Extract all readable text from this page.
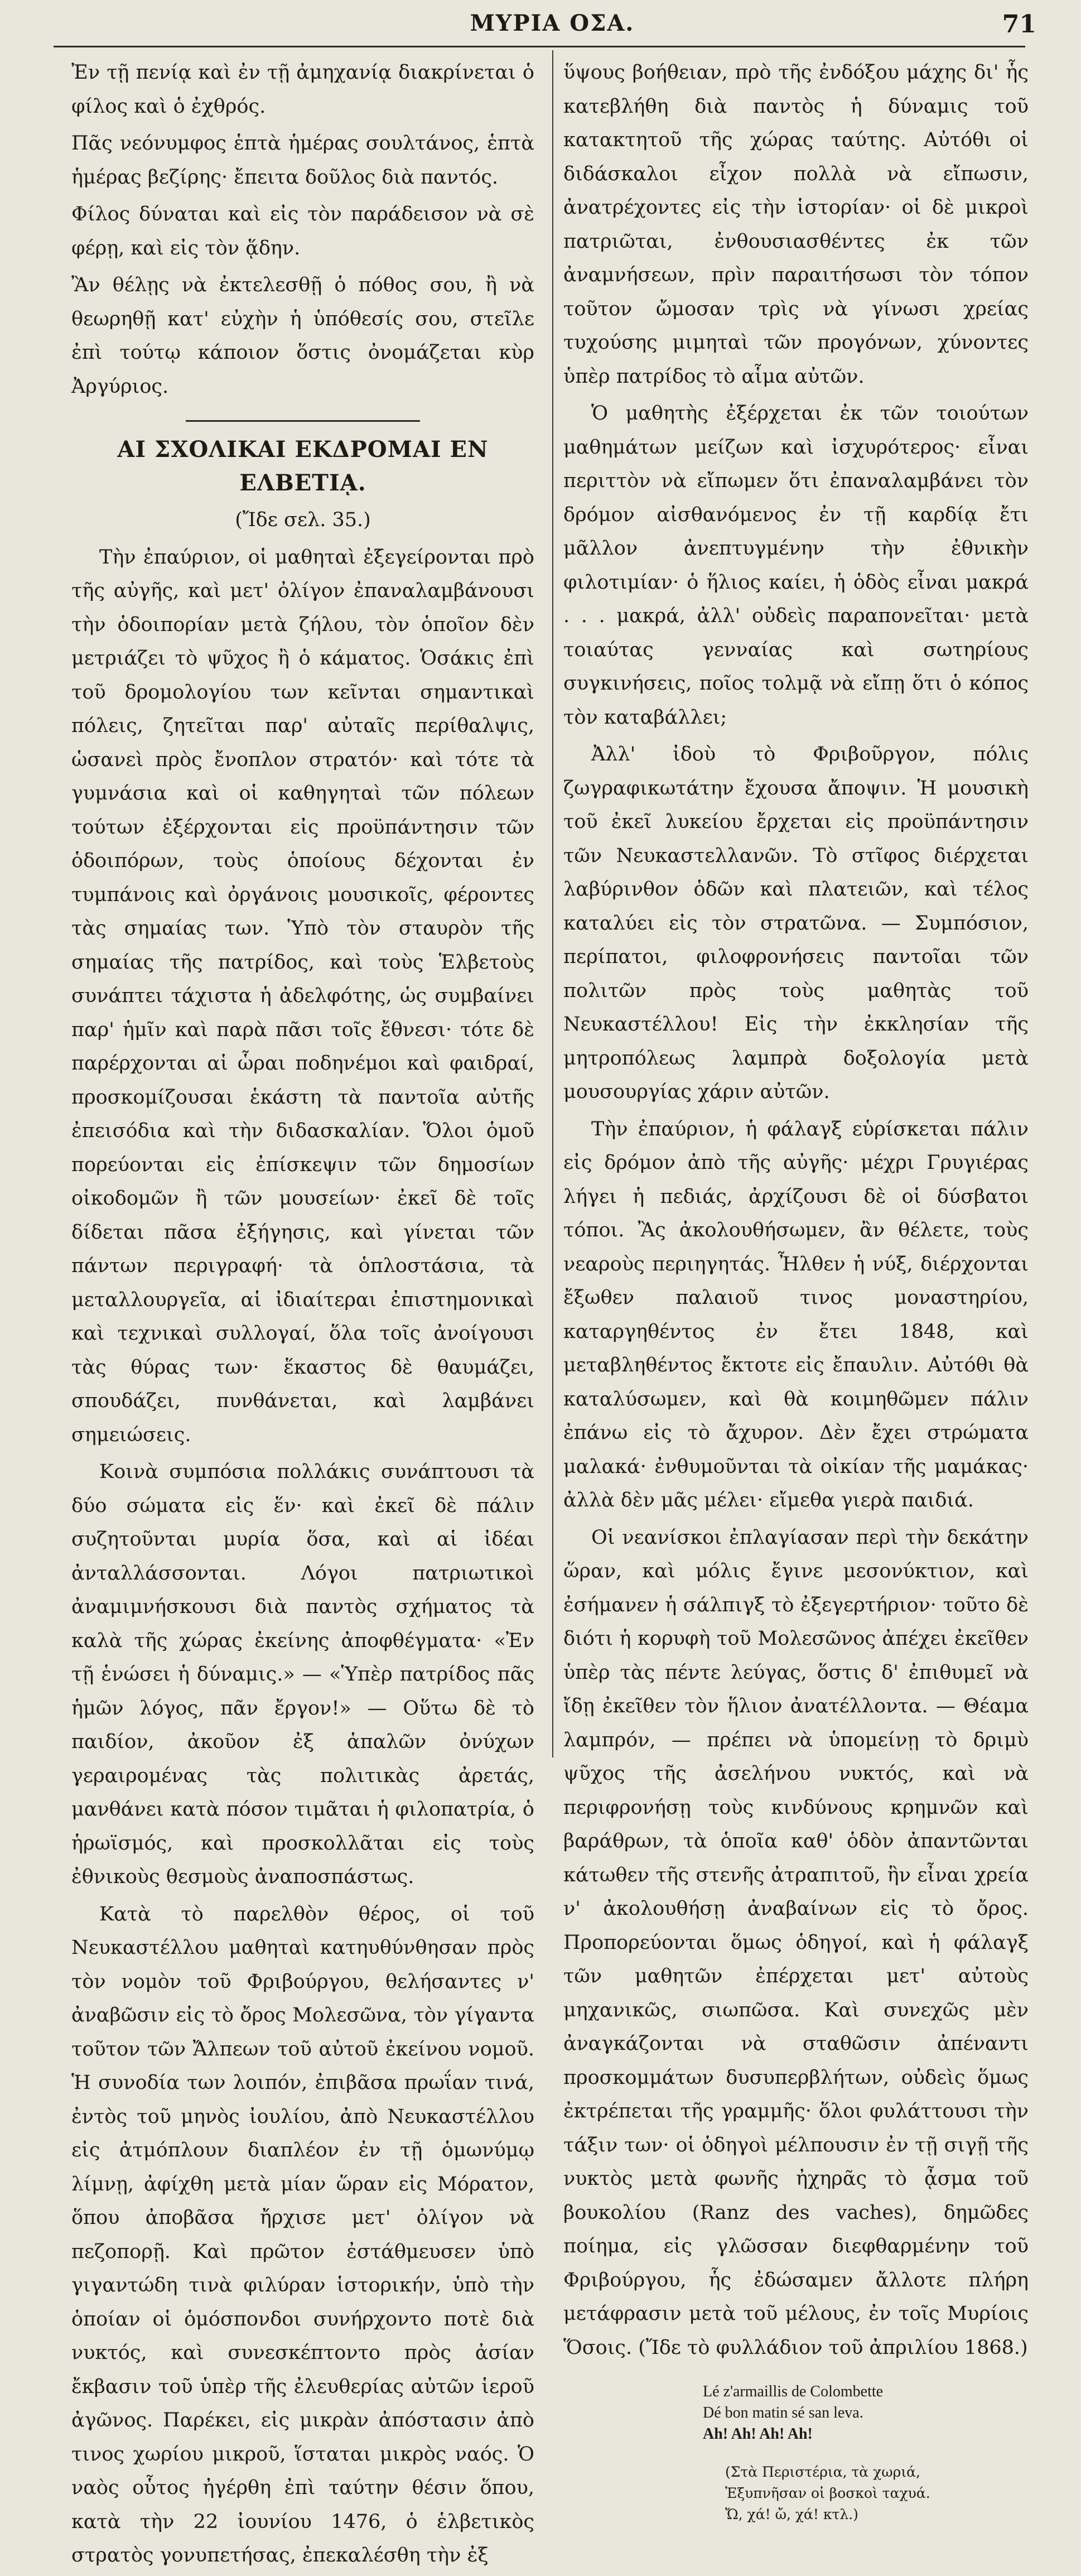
ΜΥΡΙΑ ΟΣΑ.	71

Ἐν τῇ πενίᾳ καὶ ἐν τῇ ἀμηχανίᾳ διακρίνεται ὁ φίλος καὶ ὁ ἐχθρός.

Πᾶς νεόνυμφος ἑπτὰ ἡμέρας σουλτάνος, ἑπτὰ ἡμέρας βεζίρης· ἔπειτα δοῦλος διὰ παντός.

Φίλος δύναται καὶ εἰς τὸν παράδεισον νὰ σὲ φέρῃ, καὶ εἰς τὸν ᾅδην.

Ἂν θέλῃς νὰ ἐκτελεσθῇ ὁ πόθος σου, ἢ νὰ θεωρηθῇ κατ' εὐχὴν ἡ ὑπόθεσίς σου, στεῖλε ἐπὶ τούτῳ κάποιον ὅστις ὀνομάζεται κὺρ Ἀργύριος.

ΑΙ ΣΧΟΛΙΚΑΙ ΕΚΔΡΟΜΑΙ ΕΝ ΕΛΒΕΤΙᾼ.
(Ἴδε σελ. 35.)

Τὴν ἐπαύριον, οἱ μαθηταὶ ἐξεγείρονται πρὸ τῆς αὐγῆς, καὶ μετ' ὀλίγον ἐπαναλαμβάνουσι τὴν ὁδοιπορίαν μετὰ ζήλου, τὸν ὁποῖον δὲν μετριάζει τὸ ψῦχος ἢ ὁ κάματος. Ὁσάκις ἐπὶ τοῦ δρομολογίου των κεῖνται σημαντικαὶ πόλεις, ζητεῖται παρ' αὐταῖς περίθαλψις, ὡσανεὶ πρὸς ἔνοπλον στρατόν· καὶ τότε τὰ γυμνάσια καὶ οἱ καθηγηταὶ τῶν πόλεων τούτων ἐξέρχονται εἰς προϋπάντησιν τῶν ὁδοιπόρων, τοὺς ὁποίους δέχονται ἐν τυμπάνοις καὶ ὀργάνοις μουσικοῖς, φέροντες τὰς σημαίας των. Ὑπὸ τὸν σταυρὸν τῆς σημαίας τῆς πατρίδος, καὶ τοὺς Ἑλβετοὺς συνάπτει τάχιστα ἡ ἀδελφότης, ὡς συμβαίνει παρ' ἡμῖν καὶ παρὰ πᾶσι τοῖς ἔθνεσι· τότε δὲ παρέρχονται αἱ ὧραι ποδηνέμοι καὶ φαιδραί, προσκομίζουσαι ἑκάστη τὰ παντοῖα αὐτῆς ἐπεισόδια καὶ τὴν διδασκαλίαν. Ὅλοι ὁμοῦ πορεύονται εἰς ἐπίσκεψιν τῶν δημοσίων οἰκοδομῶν ἢ τῶν μουσείων· ἐκεῖ δὲ τοῖς δίδεται πᾶσα ἐξήγησις, καὶ γίνεται τῶν πάντων περιγραφή· τὰ ὁπλοστάσια, τὰ μεταλλουργεῖα, αἱ ἰδιαίτεραι ἐπιστημονικαὶ καὶ τεχνικαὶ συλλογαί, ὅλα τοῖς ἀνοίγουσι τὰς θύρας των· ἕκαστος δὲ θαυμάζει, σπουδάζει, πυνθάνεται, καὶ λαμβάνει σημειώσεις.

Κοινὰ συμπόσια πολλάκις συνάπτουσι τὰ δύο σώματα εἰς ἕν· καὶ ἐκεῖ δὲ πάλιν συζητοῦνται μυρία ὅσα, καὶ αἱ ἰδέαι ἀνταλλάσσονται. Λόγοι πατριωτικοὶ ἀναμιμνήσκουσι διὰ παντὸς σχήματος τὰ καλὰ τῆς χώρας ἐκείνης ἀποφθέγματα· «Ἐν τῇ ἑνώσει ἡ δύναμις.» — «Ὑπὲρ πατρίδος πᾶς ἡμῶν λόγος, πᾶν ἔργον!» — Οὕτω δὲ τὸ παιδίον, ἀκοῦον ἐξ ἁπαλῶν ὀνύχων γεραιρομένας τὰς πολιτικὰς ἀρετάς, μανθάνει κατὰ πόσον τιμᾶται ἡ φιλοπατρία, ὁ ἡρωϊσμός, καὶ προσκολλᾶται εἰς τοὺς ἐθνικοὺς θεσμοὺς ἀναποσπάστως.

Κατὰ τὸ παρελθὸν θέρος, οἱ τοῦ Νευκαστέλλου μαθηταὶ κατηυθύνθησαν πρὸς τὸν νομὸν τοῦ Φριβούργου, θελήσαντες ν' ἀναβῶσιν εἰς τὸ ὄρος Μολεσῶνα, τὸν γίγαντα τοῦτον τῶν Ἄλπεων τοῦ αὐτοῦ ἐκείνου νομοῦ. Ἡ συνοδία των λοιπόν, ἐπιβᾶσα πρωΐαν τινά, ἐντὸς τοῦ μηνὸς ἰουλίου, ἀπὸ Νευκαστέλλου εἰς ἀτμόπλουν διαπλέον ἐν τῇ ὁμωνύμῳ λίμνῃ, ἀφίχθη μετὰ μίαν ὥραν εἰς Μόρατον, ὅπου ἀποβᾶσα ἤρχισε μετ' ὀλίγον νὰ πεζοπορῇ. Καὶ πρῶτον ἐστάθμευσεν ὑπὸ γιγαντώδη τινὰ φιλύραν ἱστορικήν, ὑπὸ τὴν ὁποίαν οἱ ὁμόσπονδοι συνήρχοντο ποτὲ διὰ νυκτός, καὶ συνεσκέπτοντο πρὸς ἀσίαν ἔκβασιν τοῦ ὑπὲρ τῆς ἐλευθερίας αὐτῶν ἱεροῦ ἀγῶνος. Παρέκει, εἰς μικρὰν ἀπόστασιν ἀπὸ τινος χωρίου μικροῦ, ἵσταται μικρὸς ναός. Ὁ ναὸς οὗτος ἠγέρθη ἐπὶ ταύτην θέσιν ὅπου, κατὰ τὴν 22 ἰουνίου 1476, ὁ ἑλβετικὸς στρατὸς γονυπετήσας, ἐπεκαλέσθη τὴν ἐξ

ὕψους βοήθειαν, πρὸ τῆς ἐνδόξου μάχης δι' ἧς κατεβλήθη διὰ παντὸς ἡ δύναμις τοῦ κατακτητοῦ τῆς χώρας ταύτης. Αὐτόθι οἱ διδάσκαλοι εἶχον πολλὰ νὰ εἴπωσιν, ἀνατρέχοντες εἰς τὴν ἱστορίαν· οἱ δὲ μικροὶ πατριῶται, ἐνθουσιασθέντες ἐκ τῶν ἀναμνήσεων, πρὶν παραιτήσωσι τὸν τόπον τοῦτον ὤμοσαν τρὶς νὰ γίνωσι χρείας τυχούσης μιμηταὶ τῶν προγόνων, χύνοντες ὑπὲρ πατρίδος τὸ αἷμα αὐτῶν.

Ὁ μαθητὴς ἐξέρχεται ἐκ τῶν τοιούτων μαθημάτων μείζων καὶ ἰσχυρότερος· εἶναι περιττὸν νὰ εἴπωμεν ὅτι ἐπαναλαμβάνει τὸν δρόμον αἰσθανόμενος ἐν τῇ καρδίᾳ ἔτι μᾶλλον ἀνεπτυγμένην τὴν ἐθνικὴν φιλοτιμίαν· ὁ ἥλιος καίει, ἡ ὁδὸς εἶναι μακρά . . . μακρά, ἀλλ' οὐδεὶς παραπονεῖται· μετὰ τοιαύτας γενναίας καὶ σωτηρίους συγκινήσεις, ποῖος τολμᾷ νὰ εἴπῃ ὅτι ὁ κόπος τὸν καταβάλλει;

Ἀλλ' ἰδοὺ τὸ Φριβοῦργον, πόλις ζωγραφικωτάτην ἔχουσα ἄποψιν. Ἡ μουσικὴ τοῦ ἐκεῖ λυκείου ἔρχεται εἰς προϋπάντησιν τῶν Νευκαστελλανῶν. Τὸ στῖφος διέρχεται λαβύρινθον ὁδῶν καὶ πλατειῶν, καὶ τέλος καταλύει εἰς τὸν στρατῶνα. — Συμπόσιον, περίπατοι, φιλοφρονήσεις παντοῖαι τῶν πολιτῶν πρὸς τοὺς μαθητὰς τοῦ Νευκαστέλλου! Εἰς τὴν ἐκκλησίαν τῆς μητροπόλεως λαμπρὰ δοξολογία μετὰ μουσουργίας χάριν αὐτῶν.

Τὴν ἐπαύριον, ἡ φάλαγξ εὑρίσκεται πάλιν εἰς δρόμον ἀπὸ τῆς αὐγῆς· μέχρι Γρυγιέρας λήγει ἡ πεδιάς, ἀρχίζουσι δὲ οἱ δύσβατοι τόποι. Ἂς ἀκολουθήσωμεν, ἂν θέλετε, τοὺς νεαροὺς περιηγητάς. Ἦλθεν ἡ νύξ, διέρχονται ἔξωθεν παλαιοῦ τινος μοναστηρίου, καταργηθέντος ἐν ἔτει 1848, καὶ μεταβληθέντος ἔκτοτε εἰς ἔπαυλιν. Αὐτόθι θὰ καταλύσωμεν, καὶ θὰ κοιμηθῶμεν πάλιν ἐπάνω εἰς τὸ ἄχυρον. Δὲν ἔχει στρώματα μαλακά· ἐνθυμοῦνται τὰ οἰκίαν τῆς μαμάκας· ἀλλὰ δὲν μᾶς μέλει· εἴμεθα γιερὰ παιδιά.

Οἱ νεανίσκοι ἐπλαγίασαν περὶ τὴν δεκάτην ὥραν, καὶ μόλις ἔγινε μεσονύκτιον, καὶ ἐσήμανεν ἡ σάλπιγξ τὸ ἐξεγερτήριον· τοῦτο δὲ διότι ἡ κορυφὴ τοῦ Μολεσῶνος ἀπέχει ἐκεῖθεν ὑπὲρ τὰς πέντε λεύγας, ὅστις δ' ἐπιθυμεῖ νὰ ἴδῃ ἐκεῖθεν τὸν ἥλιον ἀνατέλλοντα. — Θέαμα λαμπρόν, — πρέπει νὰ ὑπομείνῃ τὸ δριμὺ ψῦχος τῆς ἀσελήνου νυκτός, καὶ νὰ περιφρονήσῃ τοὺς κινδύνους κρημνῶν καὶ βαράθρων, τὰ ὁποῖα καθ' ὁδὸν ἀπαντῶνται κάτωθεν τῆς στενῆς ἀτραπιτοῦ, ἣν εἶναι χρεία ν' ἀκολουθήσῃ ἀναβαίνων εἰς τὸ ὄρος. Προπορεύονται ὅμως ὁδηγοί, καὶ ἡ φάλαγξ τῶν μαθητῶν ἐπέρχεται μετ' αὐτοὺς μηχανικῶς, σιωπῶσα. Καὶ συνεχῶς μὲν ἀναγκάζονται νὰ σταθῶσιν ἀπέναντι προσκομμάτων δυσυπερβλήτων, οὐδεὶς ὅμως ἐκτρέπεται τῆς γραμμῆς· ὅλοι φυλάττουσι τὴν τάξιν των· οἱ ὁδηγοὶ μέλπουσιν ἐν τῇ σιγῇ τῆς νυκτὸς μετὰ φωνῆς ἠχηρᾶς τὸ ᾆσμα τοῦ βουκολίου (Ranz des vaches), δημῶδες ποίημα, εἰς γλῶσσαν διεφθαρμένην τοῦ Φριβούργου, ἧς ἐδώσαμεν ἄλλοτε πλήρη μετάφρασιν μετὰ τοῦ μέλους, ἐν τοῖς Μυρίοις Ὅσοις. (Ἴδε τὸ φυλλάδιον τοῦ ἀπριλίου 1868.)

Lé z'armaillis de Colombette
Dé bon matin sé san leva.
Ah! Ah! Ah! Ah!
(Στὰ Περιστέρια, τὰ χωριά,
Ἐξυπνῆσαν οἱ βοσκοὶ ταχυά.
Ὤ, χά! ὤ, χά! κτλ.)
